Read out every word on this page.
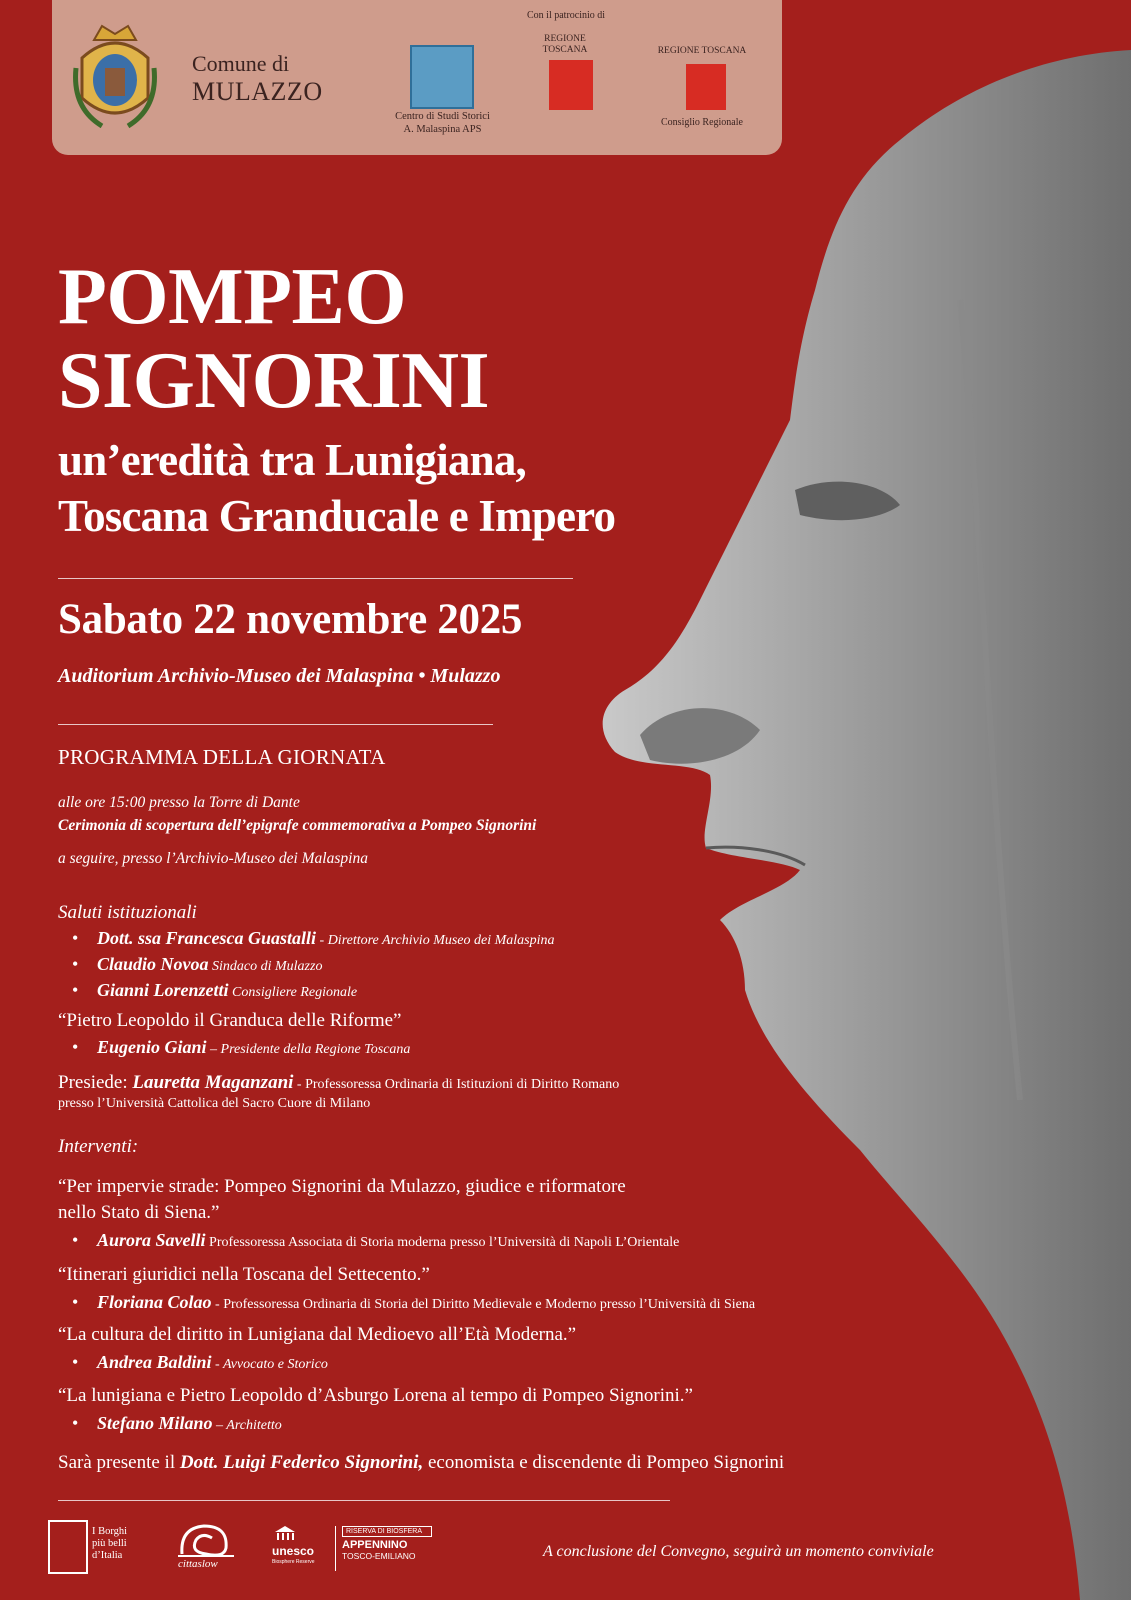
Comune di
MULAZZO
Con il patrocinio di
Centro di Studi Storici
A. Malaspina APS
REGIONE
TOSCANA	REGIONE TOSCANA
Consiglio Regionale
POMPEO
SIGNORINI
un’eredità tra Lunigiana,
Toscana Granducale e Impero
Sabato 22 novembre 2025
Auditorium Archivio-Museo dei Malaspina • Mulazzo
PROGRAMMA DELLA GIORNATA
alle ore 15:00 presso la Torre di Dante
Cerimonia di scopertura dell’epigrafe commemorativa a Pompeo Signorini
a seguire, presso l’Archivio-Museo dei Malaspina
Saluti istituzionali
• Dott. ssa Francesca Guastalli - Direttore Archivio Museo dei Malaspina
• Claudio Novoa Sindaco di Mulazzo
• Gianni Lorenzetti Consigliere Regionale
“Pietro Leopoldo il Granduca delle Riforme”
• Eugenio Giani – Presidente della Regione Toscana
Presiede: Lauretta Maganzani - Professoressa Ordinaria di Istituzioni di Diritto Romano
presso l’Università Cattolica del Sacro Cuore di Milano
Interventi:
“Per impervie strade: Pompeo Signorini da Mulazzo, giudice e riformatore
nello Stato di Siena.”
• Aurora Savelli Professoressa Associata di Storia moderna presso l’Università di Napoli L’Orientale
“Itinerari giuridici nella Toscana del Settecento.”
• Floriana Colao - Professoressa Ordinaria di Storia del Diritto Medievale e Moderno presso l’Università di Siena
“La cultura del diritto in Lunigiana dal Medioevo all’Età Moderna.”
• Andrea Baldini - Avvocato e Storico
“La lunigiana e Pietro Leopoldo d’Asburgo Lorena al tempo di Pompeo Signorini.”
• Stefano Milano – Architetto
Sarà presente il Dott. Luigi Federico Signorini, economista e discendente di Pompeo Signorini
I Borghi
più belli
d’Italia
cittaslow
unesco
Biosphere Reserve
RISERVA DI BIOSFERA
APPENNINO
TOSCO-EMILIANO	A conclusione del Convegno, seguirà un momento conviviale
